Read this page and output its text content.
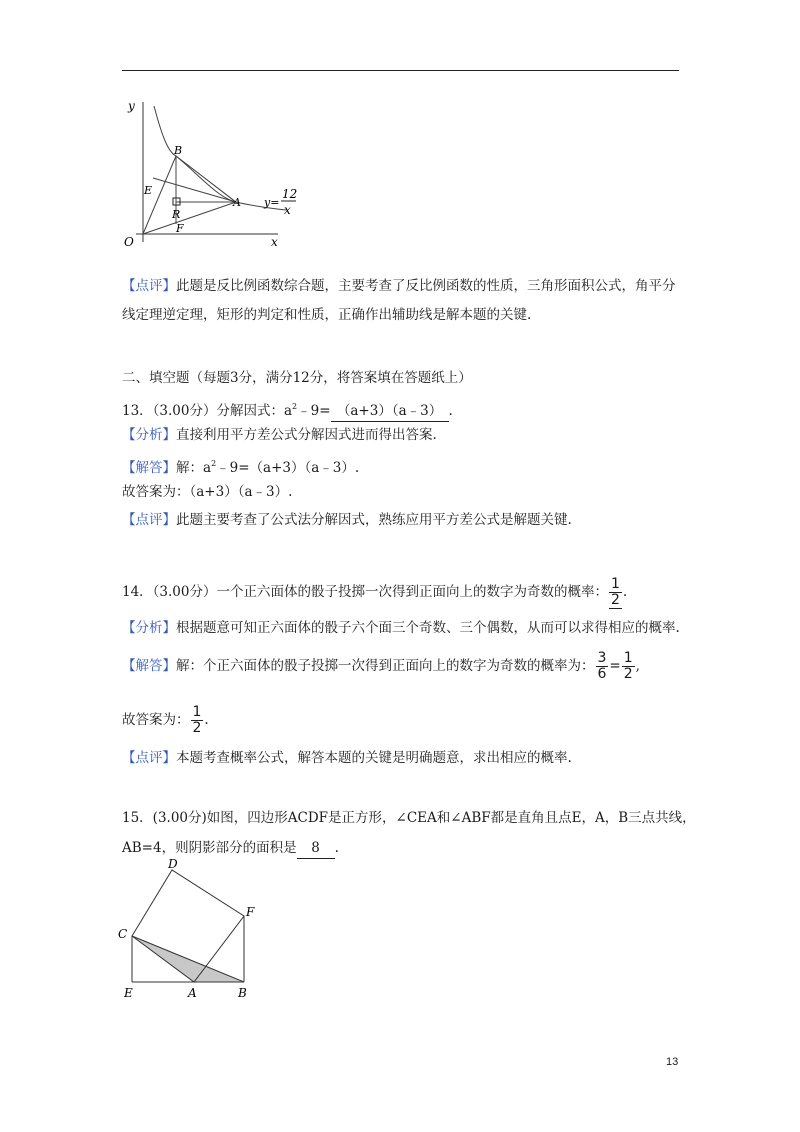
y
x
O
B
E
R
A
F
y=
12
x
【点评】此题是反比例函数综合题，主要考查了反比例函数的性质，三角形面积公式，角平分
线定理逆定理，矩形的判定和性质，正确作出辅助线是解本题的关键.
二、填空题（每题3分，满分12分，将答案填在答题纸上）
13．（3.00分）分解因式：$a^2﹣9=$ （a+3）（a﹣3） .
【分析】直接利用平方差公式分解因式进而得出答案.
【解答】解：$a^2﹣9=(a+3)(a﹣3)$.
故答案为：（a+3）（a﹣3）.
【点评】此题主要考查了公式法分解因式，熟练应用平方差公式是解题关键.
14．（3.00分）一个正六面体的骰子投掷一次得到正面向上的数字为奇数的概率： $\frac{1}{2}$ .
【分析】根据题意可知正六面体的骰子六个面三个奇数、三个偶数，从而可以求得相应的概率.
【解答】解：个正六面体的骰子投掷一次得到正面向上的数字为奇数的概率为： $\frac{3}{6} = \frac{1}{2}$ ,
故答案为： $\frac{1}{2}$ .
【点评】本题考查概率公式，解答本题的关键是明确题意，求出相应的概率.
15．(3.00分)如图，四边形ACDF是正方形，∠CEA和∠ABF都是直角且点E，A，B三点共线，
AB=4，则阴影部分的面积是 8 .
D
F
C
E	A	B
13
